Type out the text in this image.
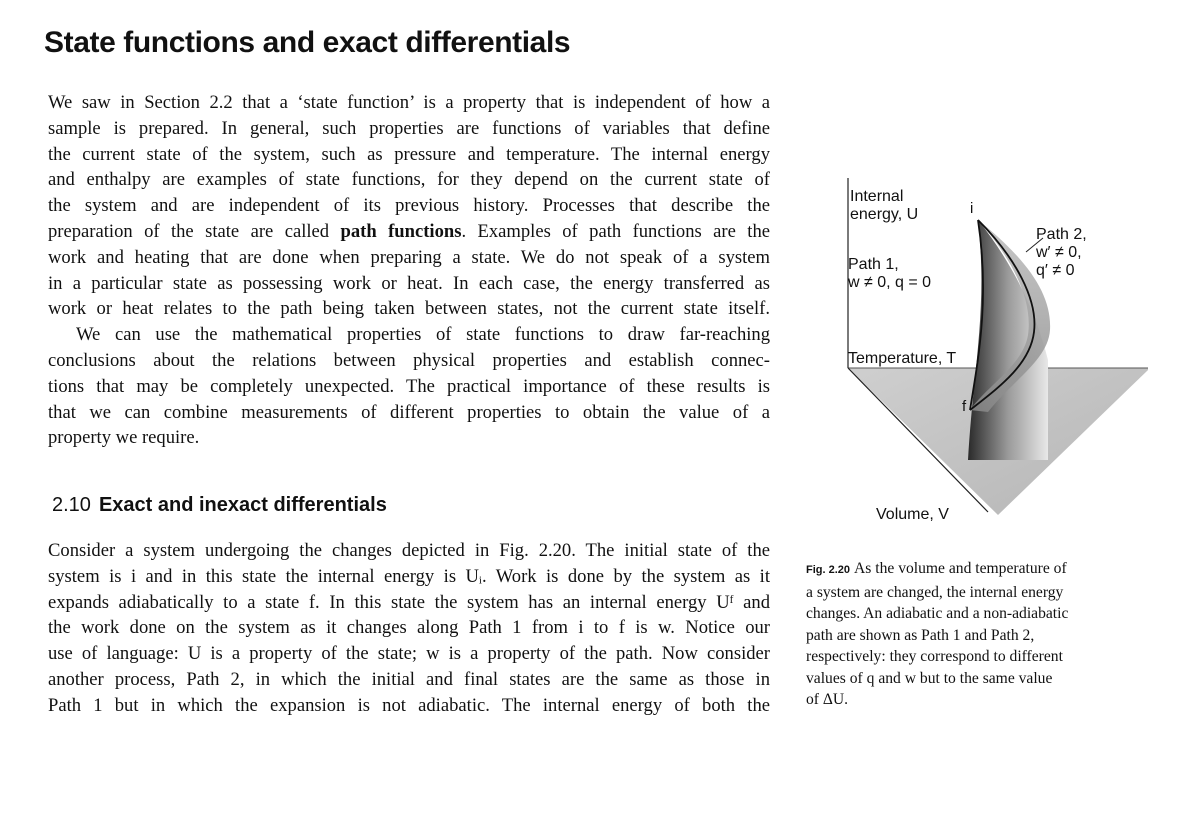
State functions and exact differentials
We saw in Section 2.2 that a ‘state function’ is a property that is independent of how a
sample is prepared. In general, such properties are functions of variables that define
the current state of the system, such as pressure and temperature. The internal energy
and enthalpy are examples of state functions, for they depend on the current state of
the system and are independent of its previous history. Processes that describe the
preparation of the state are called path functions. Examples of path functions are the
work and heating that are done when preparing a state. We do not speak of a system
in a particular state as possessing work or heat. In each case, the energy transferred as
work or heat relates to the path being taken between states, not the current state itself.
We can use the mathematical properties of state functions to draw far-reaching
conclusions about the relations between physical properties and establish connec-
tions that may be completely unexpected. The practical importance of these results is
that we can combine measurements of different properties to obtain the value of a
property we require.
2.10 Exact and inexact differentials
Consider a system undergoing the changes depicted in Fig. 2.20. The initial state of the
system is i and in this state the internal energy is Uᵢ. Work is done by the system as it
expands adiabatically to a state f. In this state the system has an internal energy Uᶠ and
the work done on the system as it changes along Path 1 from i to f is w. Notice our
use of language: U is a property of the state; w is a property of the path. Now consider
another process, Path 2, in which the initial and final states are the same as those in
Path 1 but in which the expansion is not adiabatic. The internal energy of both the
Internal
energy, U
Path 1,
w ≠ 0, q = 0
Path 2,
w′ ≠ 0,
q′ ≠ 0
Temperature, T
Volume, V
i
f
Fig. 2.20 As the volume and temperature of
a system are changed, the internal energy
changes. An adiabatic and a non-adiabatic
path are shown as Path 1 and Path 2,
respectively: they correspond to different
values of q and w but to the same value
of ΔU.
